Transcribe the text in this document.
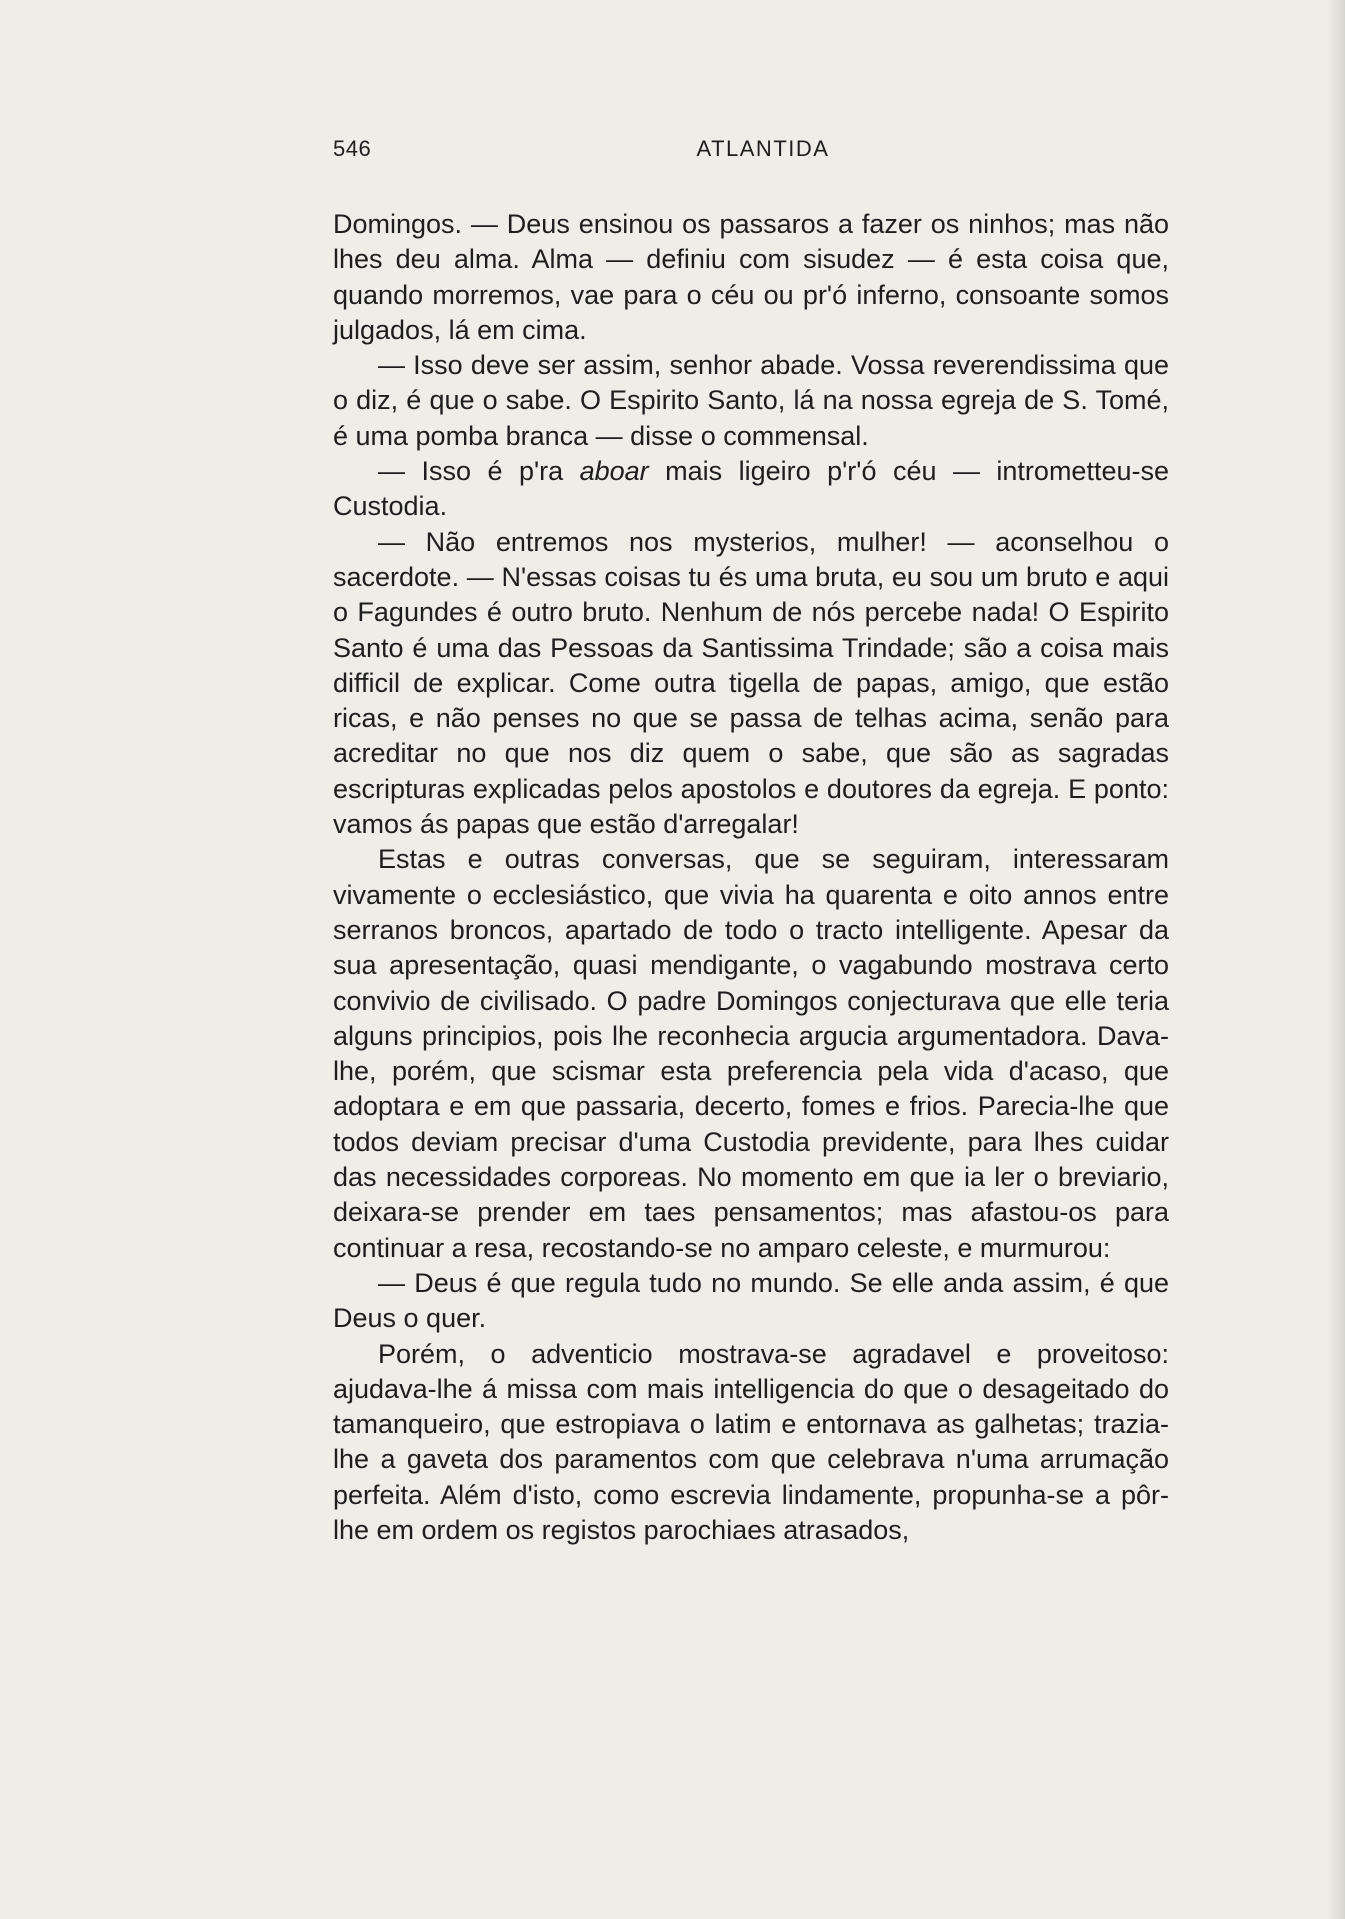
546	ATLANTIDA

Domingos. — Deus ensinou os passaros a fazer os ninhos; mas não lhes deu alma. Alma — definiu com sisudez — é esta coisa que, quando morremos, vae para o céu ou pr'ó inferno, consoante somos julgados, lá em cima.

— Isso deve ser assim, senhor abade. Vossa reverendissima que o diz, é que o sabe. O Espirito Santo, lá na nossa egreja de S. Tomé, é uma pomba branca — disse o commensal.

— Isso é p'ra aboar mais ligeiro p'r'ó céu — intrometteu-se Custodia.

— Não entremos nos mysterios, mulher! — aconselhou o sacerdote. — N'essas coisas tu és uma bruta, eu sou um bruto e aqui o Fagundes é outro bruto. Nenhum de nós percebe nada! O Espirito Santo é uma das Pessoas da Santissima Trindade; são a coisa mais difficil de explicar. Come outra tigella de papas, amigo, que estão ricas, e não penses no que se passa de telhas acima, senão para acreditar no que nos diz quem o sabe, que são as sagradas escripturas explicadas pelos apostolos e doutores da egreja. E ponto: vamos ás papas que estão d'arregalar!

Estas e outras conversas, que se seguiram, interessaram vivamente o ecclesiástico, que vivia ha quarenta e oito annos entre serranos broncos, apartado de todo o tracto intelligente. Apesar da sua apresentação, quasi mendigante, o vagabundo mostrava certo convivio de civilisado. O padre Domingos conjecturava que elle teria alguns principios, pois lhe reconhecia argucia argumentadora. Dava-lhe, porém, que scismar esta preferencia pela vida d'acaso, que adoptara e em que passaria, decerto, fomes e frios. Parecia-lhe que todos deviam precisar d'uma Custodia previdente, para lhes cuidar das necessidades corporeas. No momento em que ia ler o breviario, deixara-se prender em taes pensamentos; mas afastou-os para continuar a resa, recostando-se no amparo celeste, e murmurou:

— Deus é que regula tudo no mundo. Se elle anda assim, é que Deus o quer.

Porém, o adventicio mostrava-se agradavel e proveitoso: ajudava-lhe á missa com mais intelligencia do que o desageitado do tamanqueiro, que estropiava o latim e entornava as galhetas; trazia-lhe a gaveta dos paramentos com que celebrava n'uma arrumação perfeita. Além d'isto, como escrevia lindamente, propunha-se a pôr-lhe em ordem os registos parochiaes atrasados,
